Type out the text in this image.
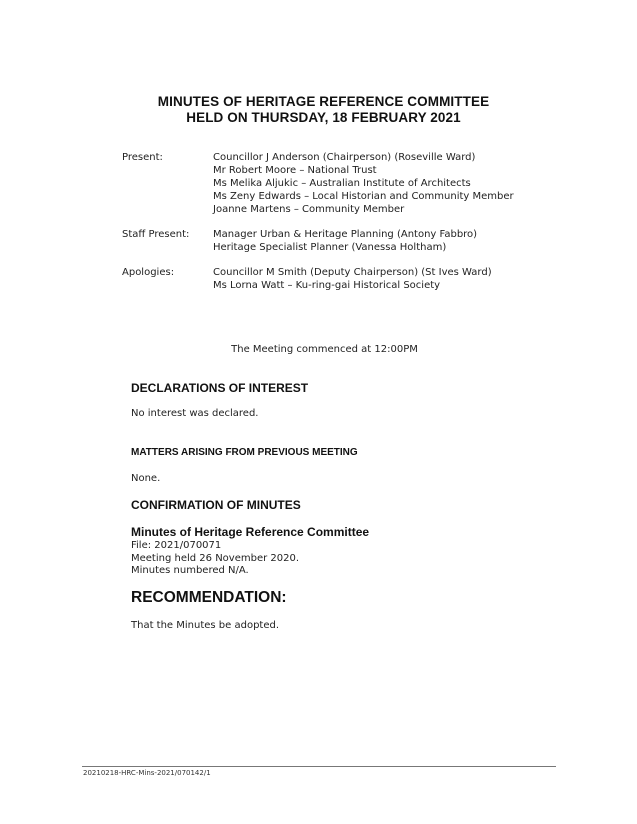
MINUTES OF HERITAGE REFERENCE COMMITTEE
HELD ON THURSDAY, 18 FEBRUARY 2021
Present:	Councillor J Anderson (Chairperson) (Roseville Ward)
Mr Robert Moore – National Trust
Ms Melika Aljukic – Australian Institute of Architects
Ms Zeny Edwards – Local Historian and Community Member
Joanne Martens – Community Member
Staff Present:	Manager Urban & Heritage Planning (Antony Fabbro)
Heritage Specialist Planner (Vanessa Holtham)
Apologies:	Councillor M Smith (Deputy Chairperson) (St Ives Ward)
Ms Lorna Watt – Ku-ring-gai Historical Society
The Meeting commenced at 12:00PM
DECLARATIONS OF INTEREST
No interest was declared.
MATTERS ARISING FROM PREVIOUS MEETING
None.
CONFIRMATION OF MINUTES
Minutes of Heritage Reference Committee
File: 2021/070071
Meeting held 26 November 2020.
Minutes numbered N/A.
RECOMMENDATION:
That the Minutes be adopted.
20210218-HRC-Mins-2021/070142/1
